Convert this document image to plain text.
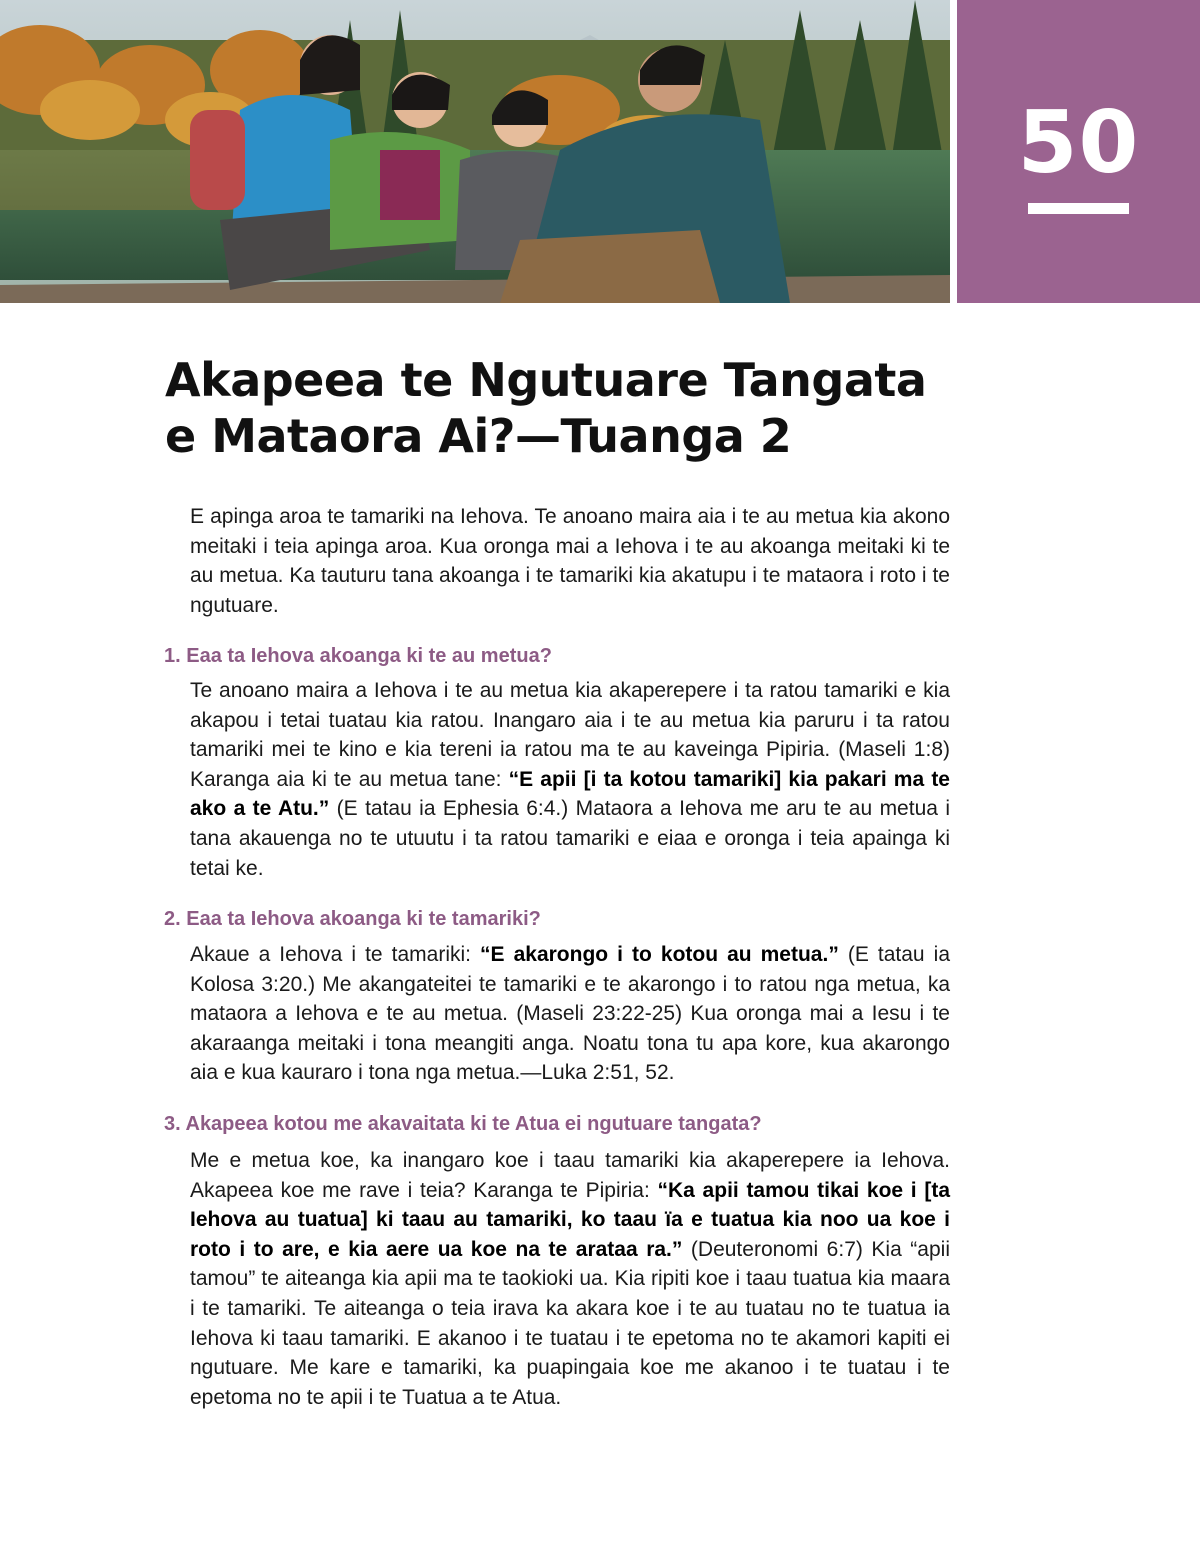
50
Akapeea te Ngutuare Tangata
e Mataora Ai?—Tuanga 2

E apinga aroa te tamariki na Iehova. Te anoano maira aia i te au metua kia akono meitaki i teia apinga aroa. Kua oronga mai a Iehova i te au akoanga meitaki ki te au metua. Ka tauturu tana akoanga i te tamariki kia akatupu i te mataora i roto i te ngutuare.

1. Eaa ta Iehova akoanga ki te au metua?

Te anoano maira a Iehova i te au metua kia akaperepere i ta ratou tamariki e kia akapou i tetai tuatau kia ratou. Inangaro aia i te au metua kia paruru i ta ratou tamariki mei te kino e kia tereni ia ratou ma te au kaveinga Pipiria. (Maseli 1:8) Karanga aia ki te au metua tane: “E apii [i ta kotou tamariki] kia pakari ma te ako a te Atu.” (E tatau ia Ephesia 6:4.) Mataora a Iehova me aru te au metua i tana akauenga no te utuutu i ta ratou tamariki e eiaa e oronga i teia apainga ki tetai ke.

2. Eaa ta Iehova akoanga ki te tamariki?

Akaue a Iehova i te tamariki: “E akarongo i to kotou au metua.” (E tatau ia Kolosa 3:20.) Me akangateitei te tamariki e te akarongo i to ratou nga metua, ka mataora a Iehova e te au metua. (Maseli 23:22-25) Kua oronga mai a Iesu i te akaraanga meitaki i tona meangiti anga. Noatu tona tu apa kore, kua akarongo aia e kua kauraro i tona nga metua.—Luka 2:51, 52.

3. Akapeea kotou me akavaitata ki te Atua ei ngutuare tangata?

Me e metua koe, ka inangaro koe i taau tamariki kia akaperepere ia Iehova. Akapeea koe me rave i teia? Karanga te Pipiria: “Ka apii tamou tikai koe i [ta Iehova au tuatua] ki taau au tamariki, ko taau ïa e tuatua kia noo ua koe i roto i to are, e kia aere ua koe na te arataa ra.” (Deuteronomi 6:7) Kia “apii tamou” te aiteanga kia apii ma te taokioki ua. Kia ripiti koe i taau tuatua kia maara i te tamariki. Te aiteanga o teia irava ka akara koe i te au tuatau no te tuatua ia Iehova ki taau tamariki. E akanoo i te tuatau i te epetoma no te akamori kapiti ei ngutuare. Me kare e tamariki, ka puapingaia koe me akanoo i te tuatau i te epetoma no te apii i te Tuatua a te Atua.
